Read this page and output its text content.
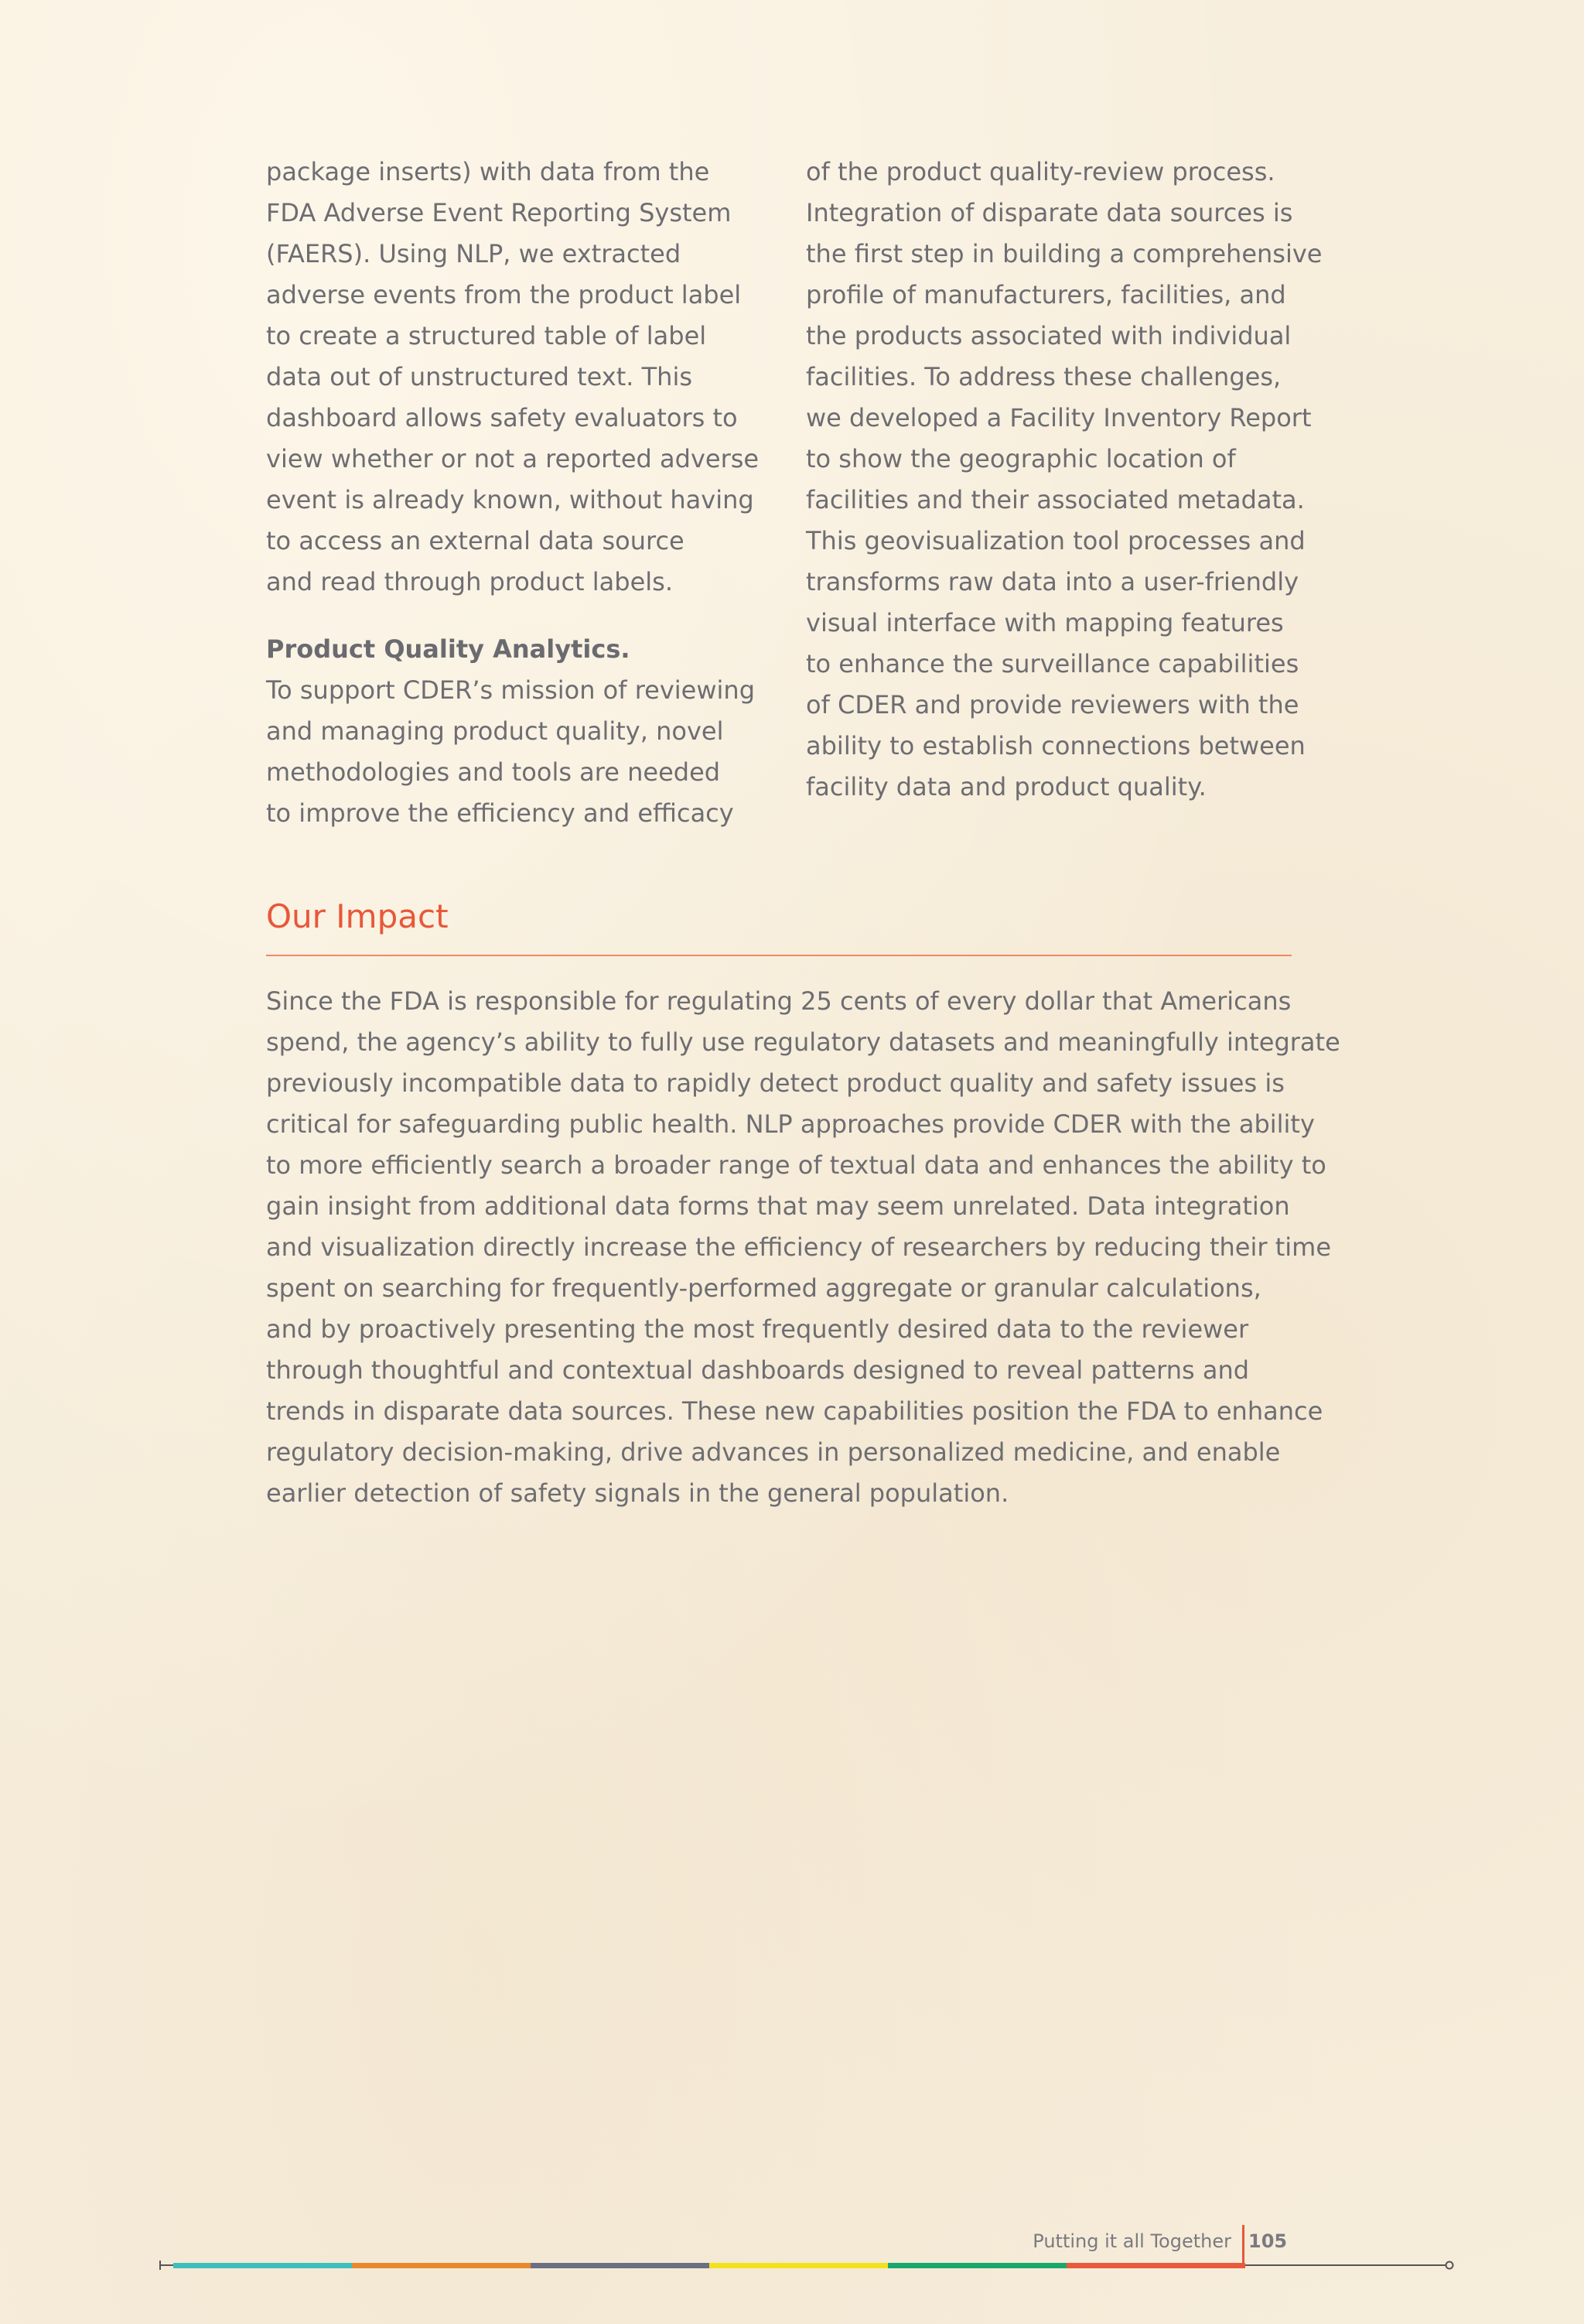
package inserts) with data from the
FDA Adverse Event Reporting System
(FAERS). Using NLP, we extracted
adverse events from the product label
to create a structured table of label
data out of unstructured text. This
dashboard allows safety evaluators to
view whether or not a reported adverse
event is already known, without having
to access an external data source
and read through product labels.

Product Quality Analytics.

To support CDER’s mission of reviewing
and managing product quality, novel
methodologies and tools are needed
to improve the efficiency and efficacy

of the product quality-review process.
Integration of disparate data sources is
the first step in building a comprehensive
profile of manufacturers, facilities, and
the products associated with individual
facilities. To address these challenges,
we developed a Facility Inventory Report
to show the geographic location of
facilities and their associated metadata.
This geovisualization tool processes and
transforms raw data into a user-friendly
visual interface with mapping features
to enhance the surveillance capabilities
of CDER and provide reviewers with the
ability to establish connections between
facility data and product quality.

Our Impact
Since the FDA is responsible for regulating 25 cents of every dollar that Americans
spend, the agency’s ability to fully use regulatory datasets and meaningfully integrate
previously incompatible data to rapidly detect product quality and safety issues is
critical for safeguarding public health. NLP approaches provide CDER with the ability
to more efficiently search a broader range of textual data and enhances the ability to
gain insight from additional data forms that may seem unrelated. Data integration
and visualization directly increase the efficiency of researchers by reducing their time
spent on searching for frequently-performed aggregate or granular calculations,
and by proactively presenting the most frequently desired data to the reviewer
through thoughtful and contextual dashboards designed to reveal patterns and
trends in disparate data sources. These new capabilities position the FDA to enhance
regulatory decision-making, drive advances in personalized medicine, and enable
earlier detection of safety signals in the general population.
Putting it all Together 105
